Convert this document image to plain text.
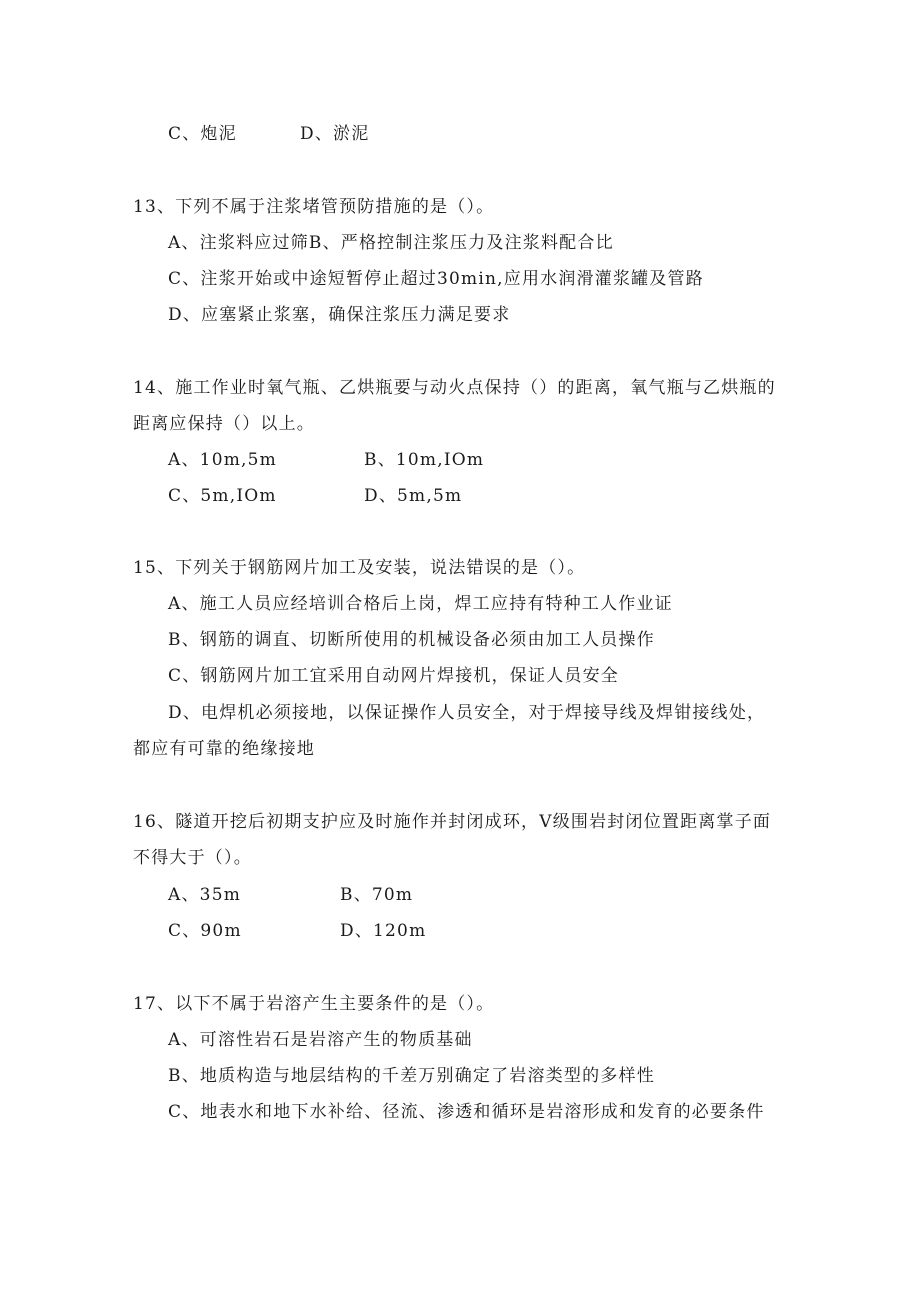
C、炮泥	D、淤泥
13、下列不属于注浆堵管预防措施的是（）。
A、注浆料应过筛B、严格控制注浆压力及注浆料配合比
C、注浆开始或中途短暂停止超过30min,应用水润滑灌浆罐及管路
D、应塞紧止浆塞，确保注浆压力满足要求
14、施工作业时氧气瓶、乙烘瓶要与动火点保持（）的距离，氧气瓶与乙烘瓶的
距离应保持（）以上。
A、10m,5m	B、10m,IOm
C、5m,IOm	D、5m,5m
15、下列关于钢筋网片加工及安装，说法错误的是（）。
A、施工人员应经培训合格后上岗，焊工应持有特种工人作业证
B、钢筋的调直、切断所使用的机械设备必须由加工人员操作
C、钢筋网片加工宜采用自动网片焊接机，保证人员安全
D、电焊机必须接地，以保证操作人员安全，对于焊接导线及焊钳接线处，
都应有可靠的绝缘接地
16、隧道开挖后初期支护应及时施作并封闭成环，V级围岩封闭位置距离掌子面
不得大于（）。
A、35m	B、70m
C、90m	D、120m
17、以下不属于岩溶产生主要条件的是（）。
A、可溶性岩石是岩溶产生的物质基础
B、地质构造与地层结构的千差万别确定了岩溶类型的多样性
C、地表水和地下水补给、径流、渗透和循环是岩溶形成和发育的必要条件
